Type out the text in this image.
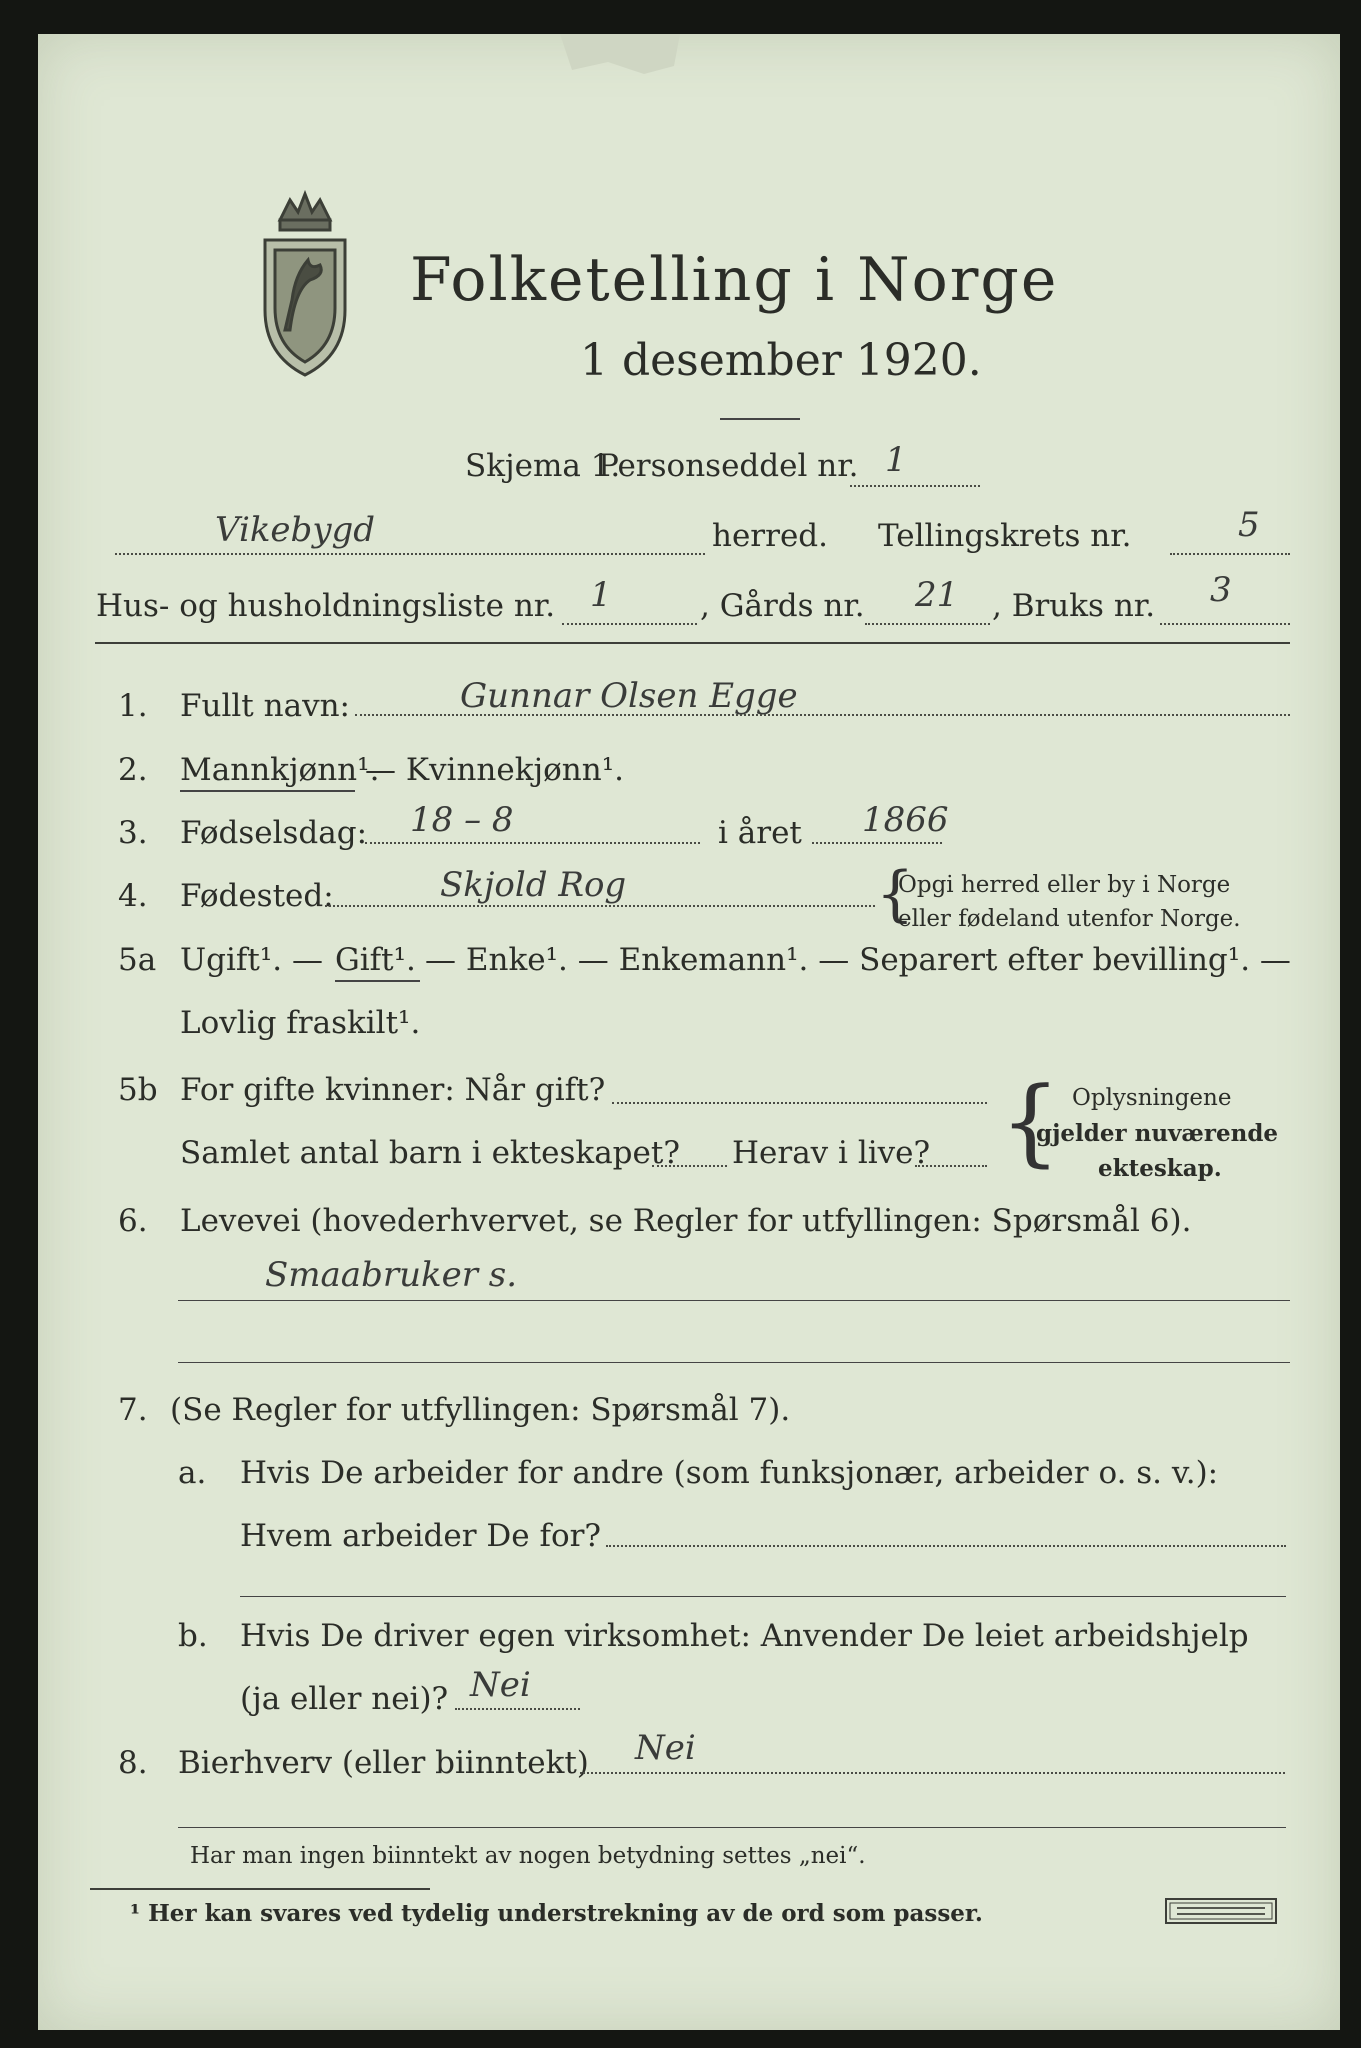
Folketelling i Norge
1 desember 1920.
Skjema 1.
Personseddel nr. 1
Vikebygd	herred. Tellingskrets nr.	5
Hus- og husholdningsliste nr. 1	, Gårds nr. 21 , Bruks nr. 3
1. Fullt navn:	Gunnar Olsen Egge
2. Mannkjønn¹.
— Kvinnekjønn¹.
3. Fødselsdag: 18 – 8	i året 1866
4. Fødested:	Skjold Rog	{
Opgi herred eller by i Norge
eller fødeland utenfor Norge.
5a Ugift¹. — Gift¹. — Enke¹. — Enkemann¹. — Separert efter bevilling¹. —
Lovlig fraskilt¹.
5b For gifte kvinner: Når gift?
Samlet antal barn i ekteskapet? Herav i live? { Oplysningene
gjelder nuværende
ekteskap.
6. Levevei (hovederhvervet, se Regler for utfyllingen: Spørsmål 6).
Smaabruker s.
7. (Se Regler for utfyllingen: Spørsmål 7).
a. Hvis De arbeider for andre (som funksjonær, arbeider o. s. v.):
Hvem arbeider De for?
b. Hvis De driver egen virksomhet: Anvender De leiet arbeidshjelp
(ja eller nei)? Nei
8. Bierhverv (eller biinntekt) Nei
Har man ingen biinntekt av nogen betydning settes „nei“.
¹ Her kan svares ved tydelig understrekning av de ord som passer.
